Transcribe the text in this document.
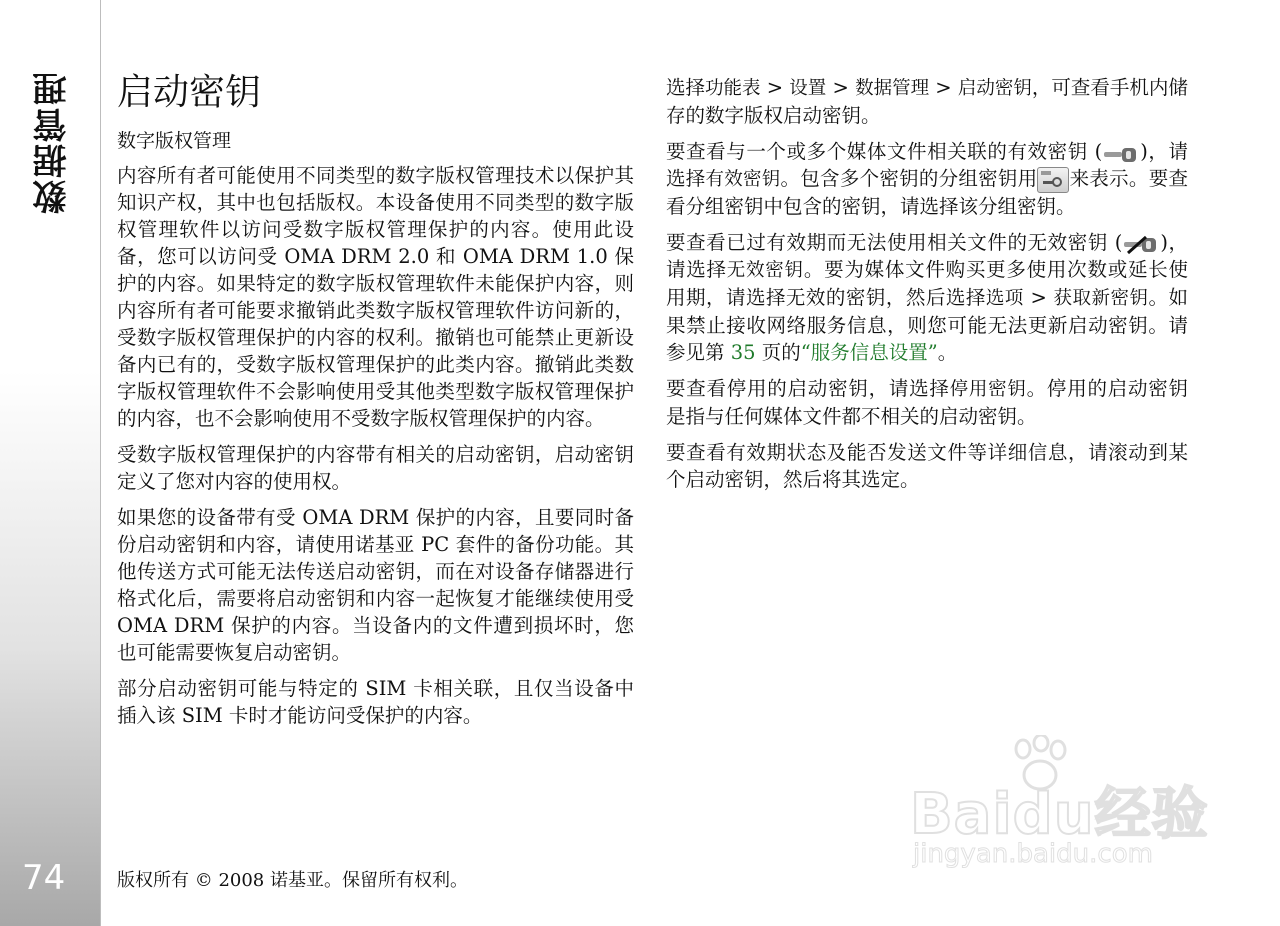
数据管理
74
启动密钥
数字版权管理

内容所有者可能使用不同类型的数字版权管理技术以保护其知识产权，其中也包括版权。本设备使用不同类型的数字版权管理软件以访问受数字版权管理保护的内容。使用此设备，您可以访问受 OMA DRM 2.0 和 OMA DRM 1.0 保护的内容。如果特定的数字版权管理软件未能保护内容，则内容所有者可能要求撤销此类数字版权管理软件访问新的，受数字版权管理保护的内容的权利。撤销也可能禁止更新设备内已有的，受数字版权管理保护的此类内容。撤销此类数字版权管理软件不会影响使用受其他类型数字版权管理保护的内容，也不会影响使用不受数字版权管理保护的内容。

受数字版权管理保护的内容带有相关的启动密钥，启动密钥定义了您对内容的使用权。

如果您的设备带有受 OMA DRM 保护的内容，且要同时备份启动密钥和内容，请使用诺基亚 PC 套件的备份功能。其他传送方式可能无法传送启动密钥，而在对设备存储器进行格式化后，需要将启动密钥和内容一起恢复才能继续使用受 OMA DRM 保护的内容。当设备内的文件遭到损坏时，您也可能需要恢复启动密钥。

部分启动密钥可能与特定的 SIM 卡相关联，且仅当设备中插入该 SIM 卡时才能访问受保护的内容。

选择功能表 > 设置 > 数据管理 > 启动密钥，可查看手机内储存的数字版权启动密钥。

要查看与一个或多个媒体文件相关联的有效密钥 ( )，请选择有效密钥。包含多个密钥的分组密钥用 来表示。要查看分组密钥中包含的密钥，请选择该分组密钥。

要查看已过有效期而无法使用相关文件的无效密钥 ( )，请选择无效密钥。要为媒体文件购买更多使用次数或延长使用期，请选择无效的密钥，然后选择选项 > 获取新密钥。如果禁止接收网络服务信息，则您可能无法更新启动密钥。请参见第 35 页的“服务信息设置”。

要查看停用的启动密钥，请选择停用密钥。停用的启动密钥是指与任何媒体文件都不相关的启动密钥。

要查看有效期状态及能否发送文件等详细信息，请滚动到某个启动密钥，然后将其选定。

版权所有 © 2008 诺基亚。保留所有权利。
Baidu经验
jingyan.baidu.com
